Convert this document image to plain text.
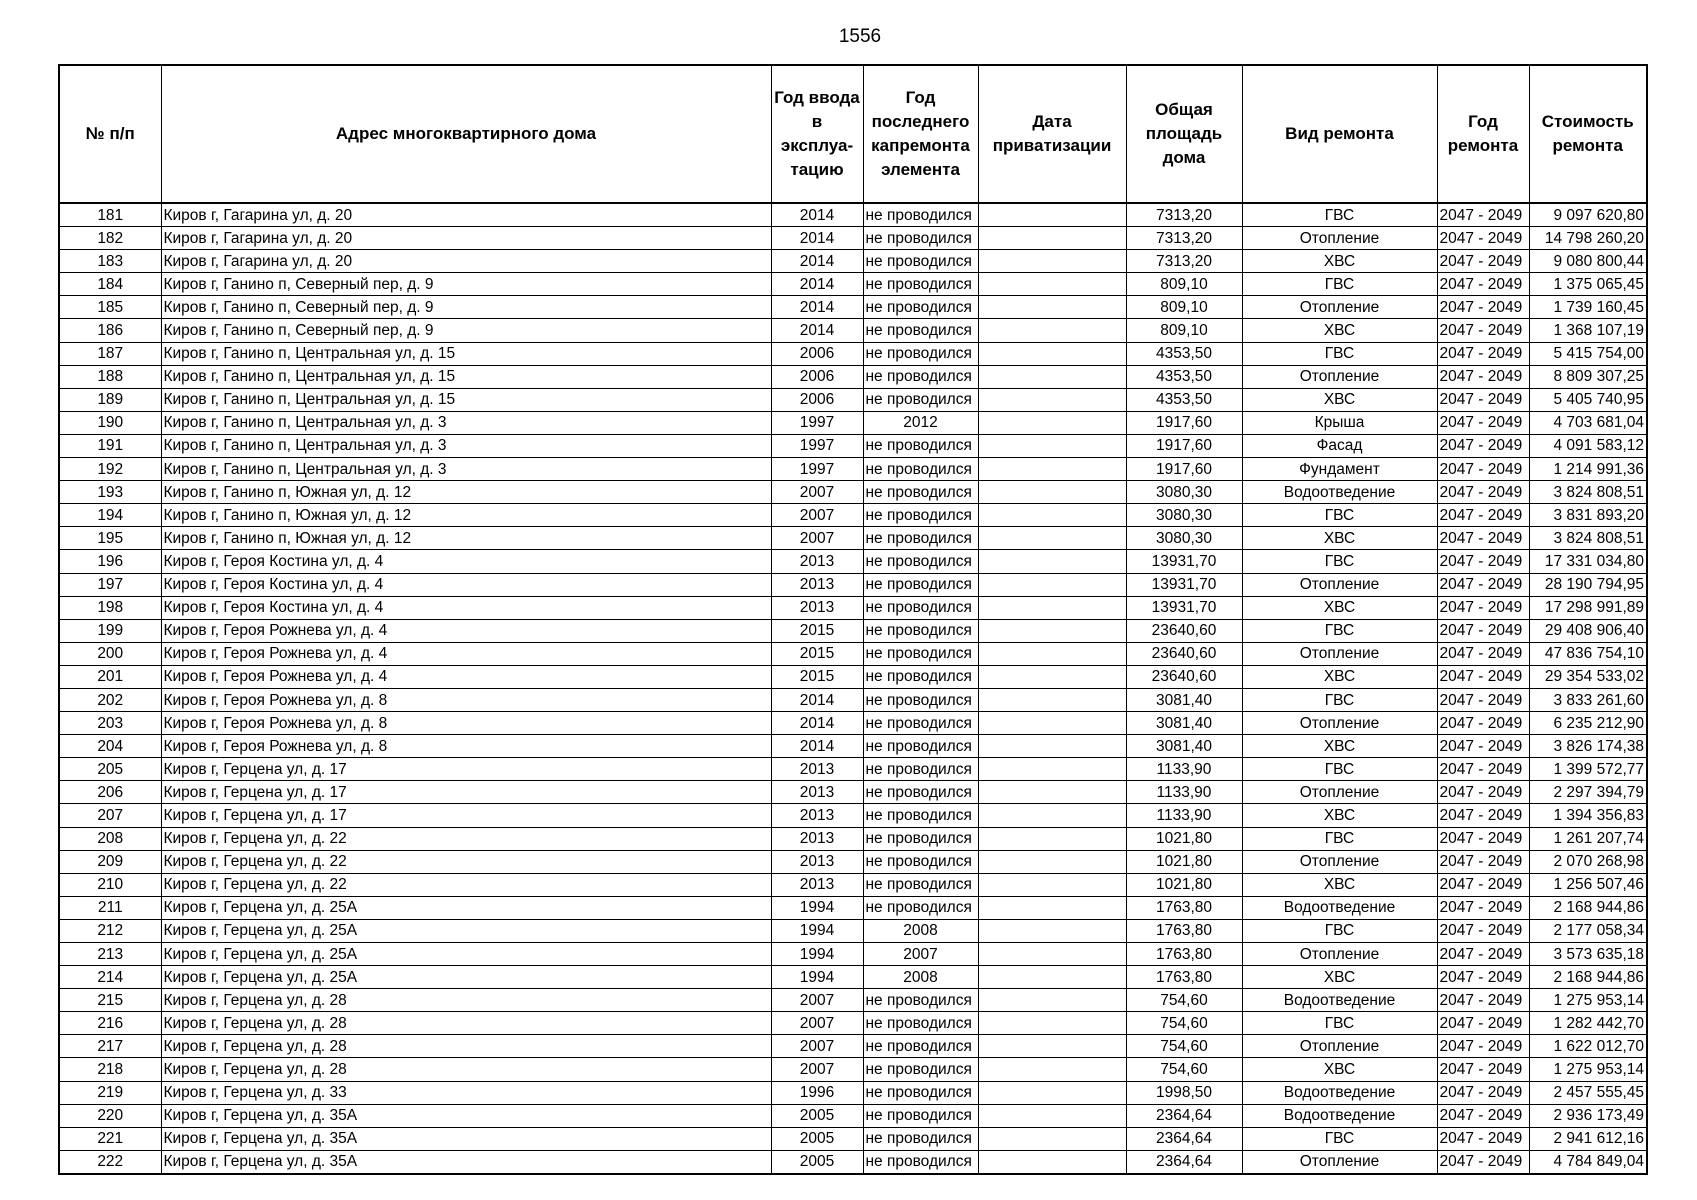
1556
№ п/п	Адрес многоквартирного дома	Год ввода в эксплуа-тацию	Год последнего капремонта элемента	Дата приватизации	Общая площадь дома	Вид ремонта	Год ремонта	Стоимость ремонта
181	Киров г, Гагарина ул, д. 20	2014	не проводился		7313,20	ГВС	2047 - 2049	9 097 620,80
182	Киров г, Гагарина ул, д. 20	2014	не проводился		7313,20	Отопление	2047 - 2049	14 798 260,20
183	Киров г, Гагарина ул, д. 20	2014	не проводился		7313,20	ХВС	2047 - 2049	9 080 800,44
184	Киров г, Ганино п, Северный пер, д. 9	2014	не проводился		809,10	ГВС	2047 - 2049	1 375 065,45
185	Киров г, Ганино п, Северный пер, д. 9	2014	не проводился		809,10	Отопление	2047 - 2049	1 739 160,45
186	Киров г, Ганино п, Северный пер, д. 9	2014	не проводился		809,10	ХВС	2047 - 2049	1 368 107,19
187	Киров г, Ганино п, Центральная ул, д. 15	2006	не проводился		4353,50	ГВС	2047 - 2049	5 415 754,00
188	Киров г, Ганино п, Центральная ул, д. 15	2006	не проводился		4353,50	Отопление	2047 - 2049	8 809 307,25
189	Киров г, Ганино п, Центральная ул, д. 15	2006	не проводился		4353,50	ХВС	2047 - 2049	5 405 740,95
190	Киров г, Ганино п, Центральная ул, д. 3	1997	2012		1917,60	Крыша	2047 - 2049	4 703 681,04
191	Киров г, Ганино п, Центральная ул, д. 3	1997	не проводился		1917,60	Фасад	2047 - 2049	4 091 583,12
192	Киров г, Ганино п, Центральная ул, д. 3	1997	не проводился		1917,60	Фундамент	2047 - 2049	1 214 991,36
193	Киров г, Ганино п, Южная ул, д. 12	2007	не проводился		3080,30	Водоотведение	2047 - 2049	3 824 808,51
194	Киров г, Ганино п, Южная ул, д. 12	2007	не проводился		3080,30	ГВС	2047 - 2049	3 831 893,20
195	Киров г, Ганино п, Южная ул, д. 12	2007	не проводился		3080,30	ХВС	2047 - 2049	3 824 808,51
196	Киров г, Героя Костина ул, д. 4	2013	не проводился		13931,70	ГВС	2047 - 2049	17 331 034,80
197	Киров г, Героя Костина ул, д. 4	2013	не проводился		13931,70	Отопление	2047 - 2049	28 190 794,95
198	Киров г, Героя Костина ул, д. 4	2013	не проводился		13931,70	ХВС	2047 - 2049	17 298 991,89
199	Киров г, Героя Рожнева ул, д. 4	2015	не проводился		23640,60	ГВС	2047 - 2049	29 408 906,40
200	Киров г, Героя Рожнева ул, д. 4	2015	не проводился		23640,60	Отопление	2047 - 2049	47 836 754,10
201	Киров г, Героя Рожнева ул, д. 4	2015	не проводился		23640,60	ХВС	2047 - 2049	29 354 533,02
202	Киров г, Героя Рожнева ул, д. 8	2014	не проводился		3081,40	ГВС	2047 - 2049	3 833 261,60
203	Киров г, Героя Рожнева ул, д. 8	2014	не проводился		3081,40	Отопление	2047 - 2049	6 235 212,90
204	Киров г, Героя Рожнева ул, д. 8	2014	не проводился		3081,40	ХВС	2047 - 2049	3 826 174,38
205	Киров г, Герцена ул, д. 17	2013	не проводился		1133,90	ГВС	2047 - 2049	1 399 572,77
206	Киров г, Герцена ул, д. 17	2013	не проводился		1133,90	Отопление	2047 - 2049	2 297 394,79
207	Киров г, Герцена ул, д. 17	2013	не проводился		1133,90	ХВС	2047 - 2049	1 394 356,83
208	Киров г, Герцена ул, д. 22	2013	не проводился		1021,80	ГВС	2047 - 2049	1 261 207,74
209	Киров г, Герцена ул, д. 22	2013	не проводился		1021,80	Отопление	2047 - 2049	2 070 268,98
210	Киров г, Герцена ул, д. 22	2013	не проводился		1021,80	ХВС	2047 - 2049	1 256 507,46
211	Киров г, Герцена ул, д. 25А	1994	не проводился		1763,80	Водоотведение	2047 - 2049	2 168 944,86
212	Киров г, Герцена ул, д. 25А	1994	2008		1763,80	ГВС	2047 - 2049	2 177 058,34
213	Киров г, Герцена ул, д. 25А	1994	2007		1763,80	Отопление	2047 - 2049	3 573 635,18
214	Киров г, Герцена ул, д. 25А	1994	2008		1763,80	ХВС	2047 - 2049	2 168 944,86
215	Киров г, Герцена ул, д. 28	2007	не проводился		754,60	Водоотведение	2047 - 2049	1 275 953,14
216	Киров г, Герцена ул, д. 28	2007	не проводился		754,60	ГВС	2047 - 2049	1 282 442,70
217	Киров г, Герцена ул, д. 28	2007	не проводился		754,60	Отопление	2047 - 2049	1 622 012,70
218	Киров г, Герцена ул, д. 28	2007	не проводился		754,60	ХВС	2047 - 2049	1 275 953,14
219	Киров г, Герцена ул, д. 33	1996	не проводился		1998,50	Водоотведение	2047 - 2049	2 457 555,45
220	Киров г, Герцена ул, д. 35А	2005	не проводился		2364,64	Водоотведение	2047 - 2049	2 936 173,49
221	Киров г, Герцена ул, д. 35А	2005	не проводился		2364,64	ГВС	2047 - 2049	2 941 612,16
222	Киров г, Герцена ул, д. 35А	2005	не проводился		2364,64	Отопление	2047 - 2049	4 784 849,04
